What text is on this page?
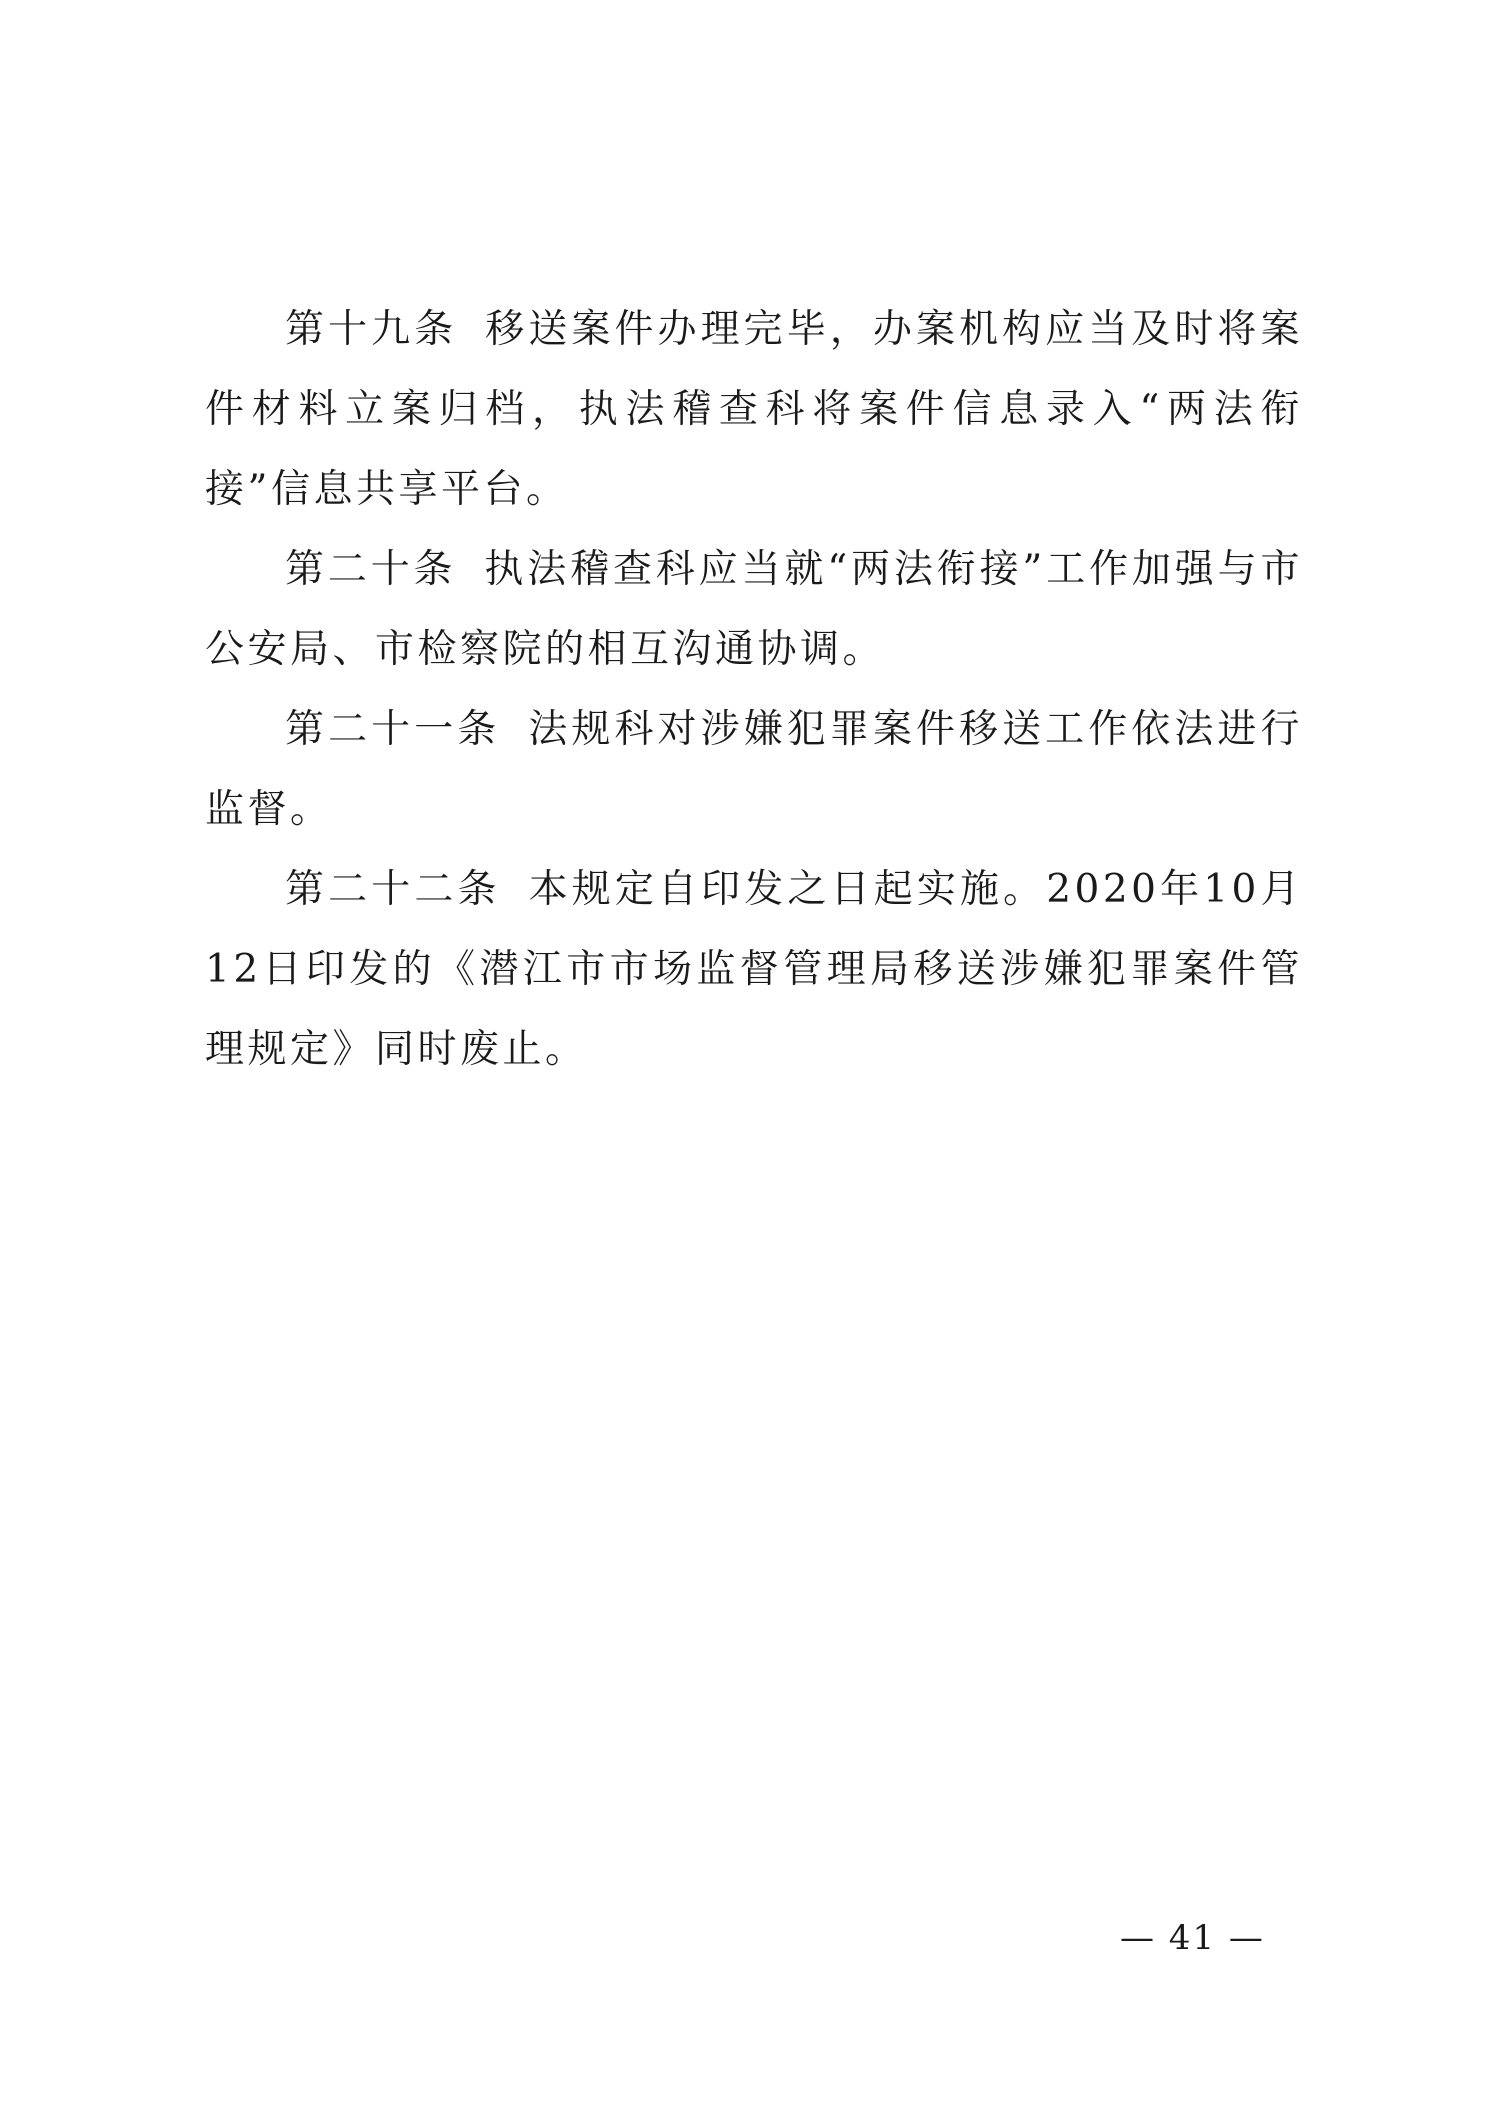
第十九条 移送案件办理完毕，办案机构应当及时将案件材料立案归档，执法稽查科将案件信息录入“两法衔接”信息共享平台。

第二十条 执法稽查科应当就“两法衔接”工作加强与市公安局、市检察院的相互沟通协调。

第二十一条 法规科对涉嫌犯罪案件移送工作依法进行监督。

第二十二条 本规定自印发之日起实施。2020年10月12日印发的《潜江市市场监督管理局移送涉嫌犯罪案件管理规定》同时废止。

— 41 —
